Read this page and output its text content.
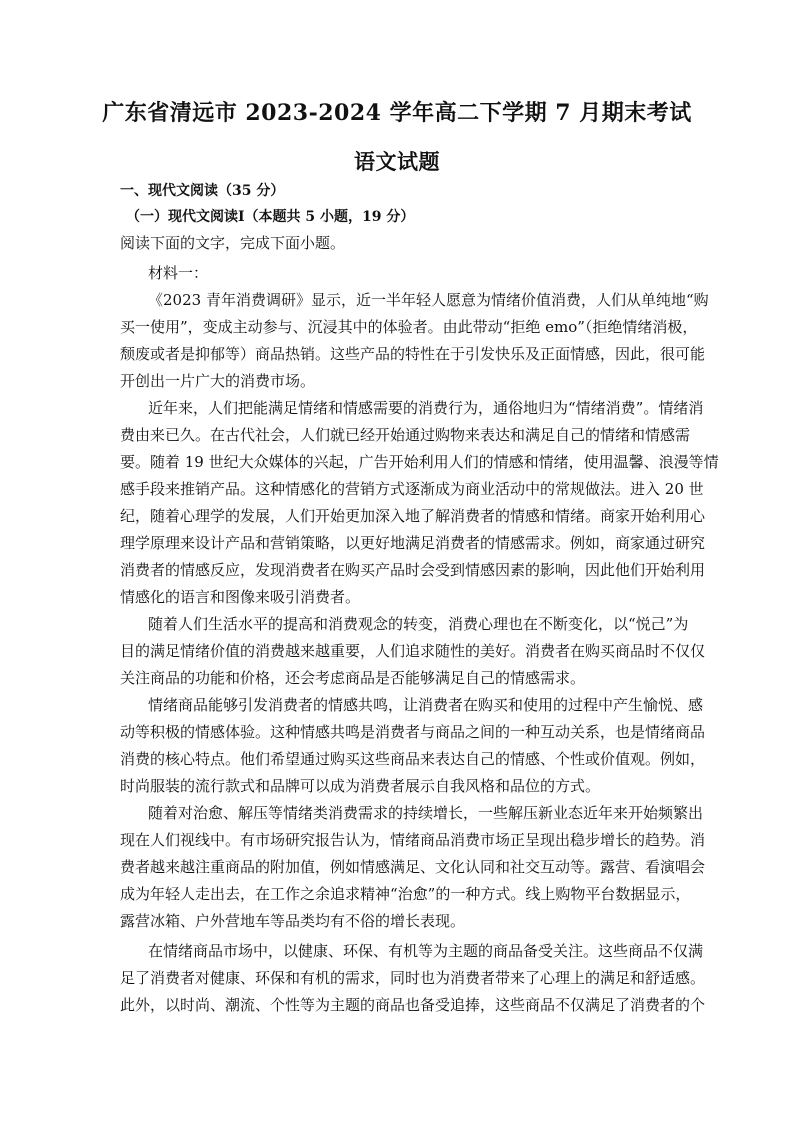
广东省清远市 2023-2024 学年高二下学期 7 月期末考试
语文试题
一、现代文阅读（35 分）
（一）现代文阅读Ⅰ（本题共 5 小题，19 分）
阅读下面的文字，完成下面小题。
材料一：
《2023 青年消费调研》显示，近一半年轻人愿意为情绪价值消费，人们从单纯地“购
买一使用”，变成主动参与、沉浸其中的体验者。由此带动“拒绝 emo”（拒绝情绪消极，
颓废或者是抑郁等）商品热销。这些产品的特性在于引发快乐及正面情感，因此，很可能
开创出一片广大的消费市场。
近年来，人们把能满足情绪和情感需要的消费行为，通俗地归为“情绪消费”。情绪消
费由来已久。在古代社会，人们就已经开始通过购物来表达和满足自己的情绪和情感需
要。随着 19 世纪大众媒体的兴起，广告开始利用人们的情感和情绪，使用温馨、浪漫等情
感手段来推销产品。这种情感化的营销方式逐渐成为商业活动中的常规做法。进入 20 世
纪，随着心理学的发展，人们开始更加深入地了解消费者的情感和情绪。商家开始利用心
理学原理来设计产品和营销策略，以更好地满足消费者的情感需求。例如，商家通过研究
消费者的情感反应，发现消费者在购买产品时会受到情感因素的影响，因此他们开始利用
情感化的语言和图像来吸引消费者。
随着人们生活水平的提高和消费观念的转变，消费心理也在不断变化，以“悦己”为
目的满足情绪价值的消费越来越重要，人们追求随性的美好。消费者在购买商品时不仅仅
关注商品的功能和价格，还会考虑商品是否能够满足自己的情感需求。
情绪商品能够引发消费者的情感共鸣，让消费者在购买和使用的过程中产生愉悦、感
动等积极的情感体验。这种情感共鸣是消费者与商品之间的一种互动关系，也是情绪商品
消费的核心特点。他们希望通过购买这些商品来表达自己的情感、个性或价值观。例如，
时尚服装的流行款式和品牌可以成为消费者展示自我风格和品位的方式。
随着对治愈、解压等情绪类消费需求的持续增长，一些解压新业态近年来开始频繁出
现在人们视线中。有市场研究报告认为，情绪商品消费市场正呈现出稳步增长的趋势。消
费者越来越注重商品的附加值，例如情感满足、文化认同和社交互动等。露营、看演唱会
成为年轻人走出去，在工作之余追求精神“治愈”的一种方式。线上购物平台数据显示，
露营冰箱、户外营地车等品类均有不俗的增长表现。
在情绪商品市场中，以健康、环保、有机等为主题的商品备受关注。这些商品不仅满
足了消费者对健康、环保和有机的需求，同时也为消费者带来了心理上的满足和舒适感。
此外，以时尚、潮流、个性等为主题的商品也备受追捧，这些商品不仅满足了消费者的个
